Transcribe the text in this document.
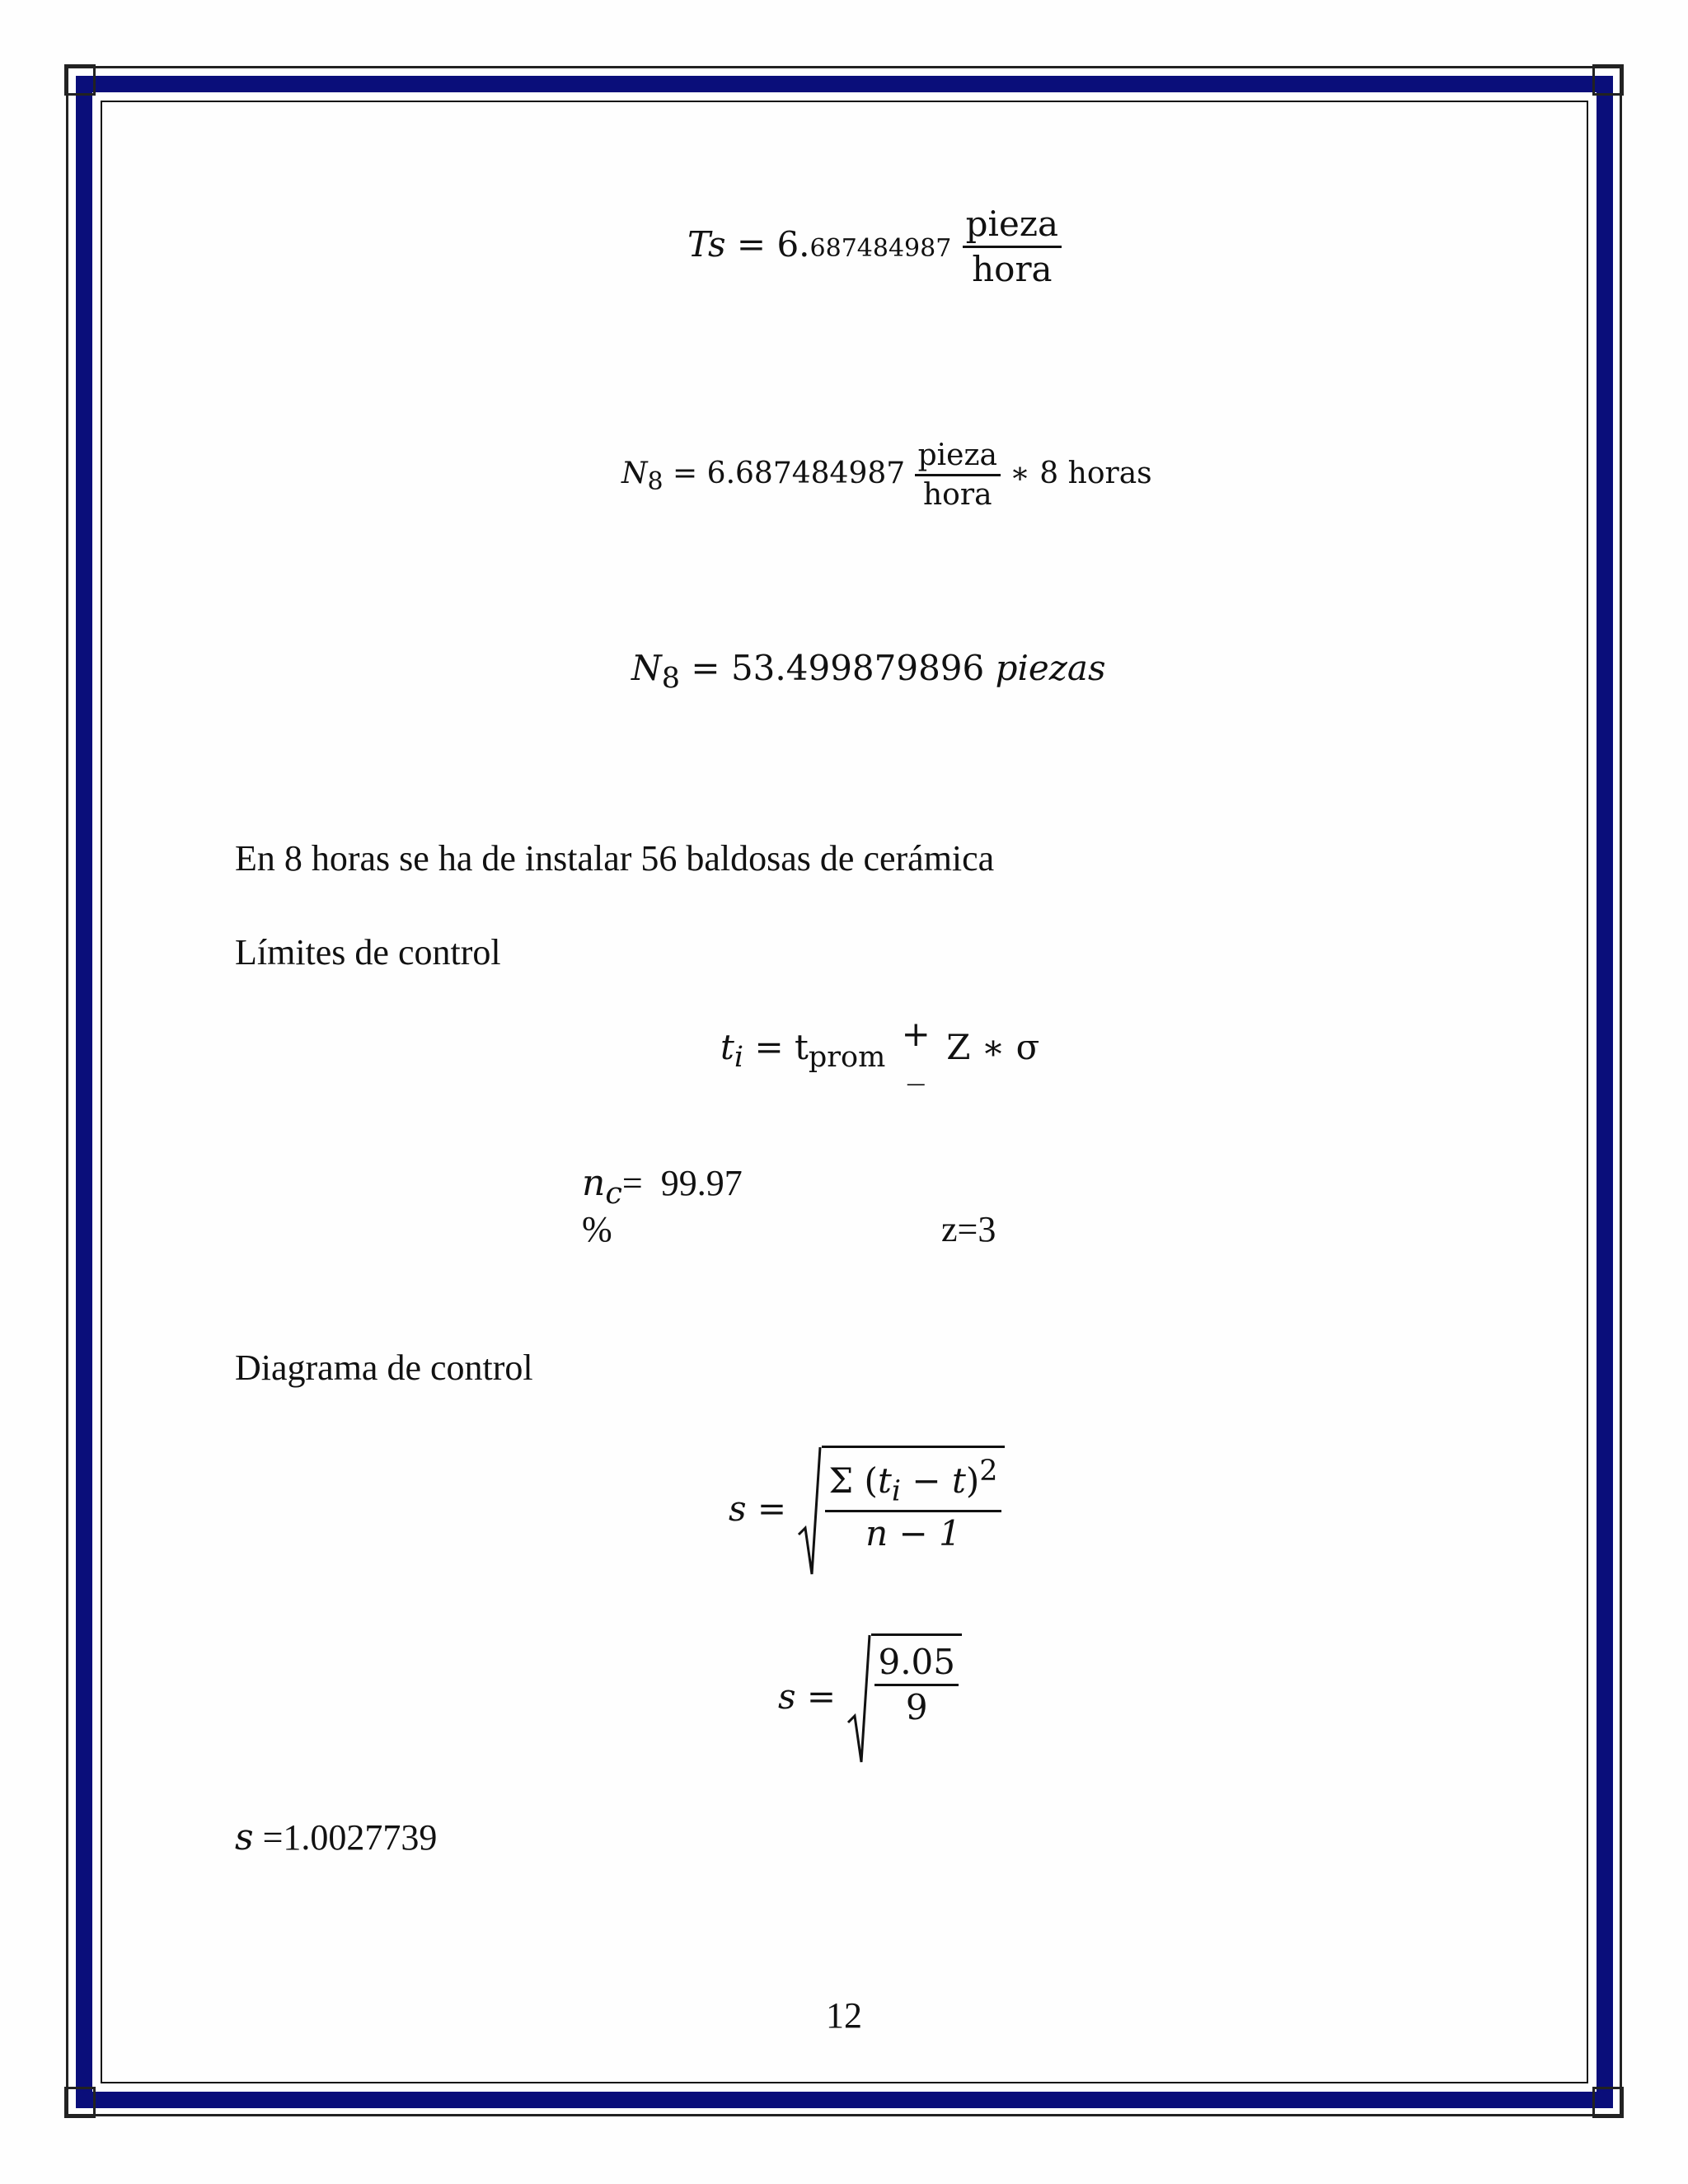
$Ts = 6.687484987 \frac{\text{pieza}}{\text{hora}}$
$N_8 = 6.687484987 \frac{\text{pieza}}{\text{hora}}$ ∗ 8 horas
$N_8 = 53.499879896$ piezas
En 8 horas se ha de instalar 56 baldosas de cerámica
Límites de control
$t_i = t_{prom}$
+
_ Z ∗ σ
$n_c= 99.97$
%	z=3
Diagrama de control
$s = \frac{\Sigma (t_i - t)^2}{n - 1}$
$s = \frac{9.05}{9}$
s =1.0027739
12
